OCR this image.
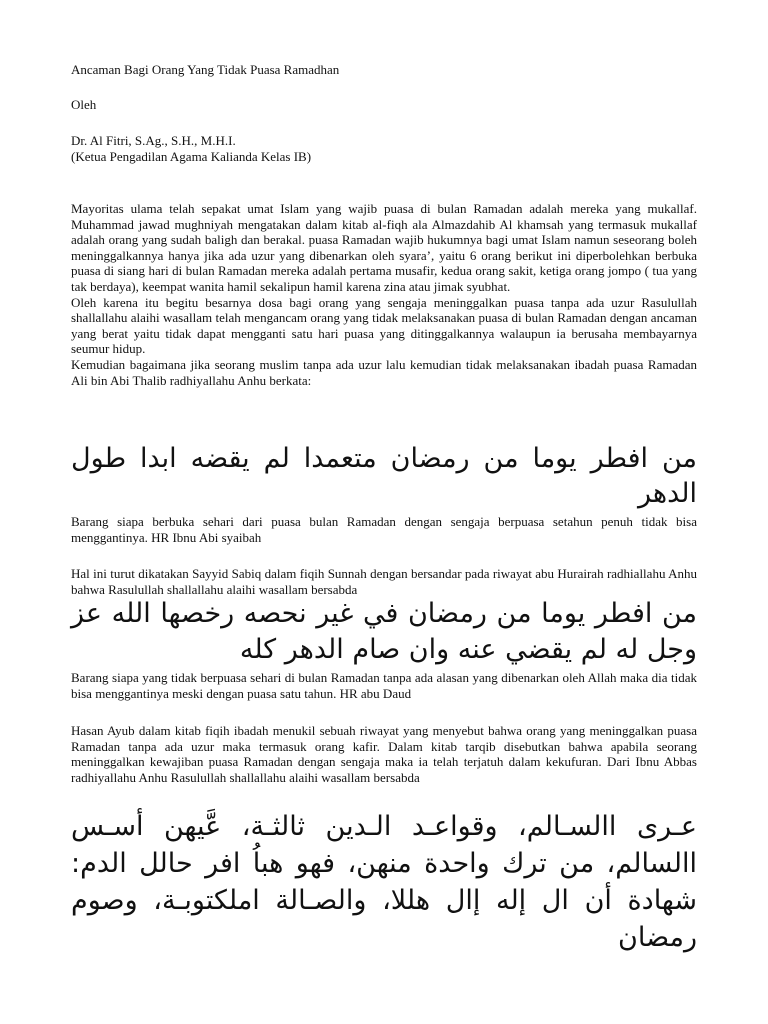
Ancaman Bagi Orang Yang Tidak Puasa Ramadhan

Oleh

Dr. Al Fitri, S.Ag., S.H., M.H.I.

(Ketua Pengadilan Agama Kalianda Kelas IB)

Mayoritas ulama telah sepakat umat Islam yang wajib puasa di bulan Ramadan adalah mereka yang mukallaf. Muhammad jawad mughniyah mengatakan dalam kitab al-fiqh ala Almazdahib Al khamsah yang termasuk mukallaf adalah orang yang sudah baligh dan berakal. puasa Ramadan wajib hukumnya bagi umat Islam namun seseorang boleh meninggalkannya hanya jika ada uzur yang dibenarkan oleh syara’, yaitu 6 orang berikut ini diperbolehkan berbuka puasa di siang hari di bulan Ramadan mereka adalah pertama musafir, kedua orang sakit, ketiga orang jompo ( tua yang tak berdaya), keempat wanita hamil sekalipun hamil karena zina atau jimak syubhat.

Oleh karena itu begitu besarnya dosa bagi orang yang sengaja meninggalkan puasa tanpa ada uzur Rasulullah shallallahu alaihi wasallam telah mengancam orang yang tidak melaksanakan puasa di bulan Ramadan dengan ancaman yang berat yaitu tidak dapat mengganti satu hari puasa yang ditinggalkannya walaupun ia berusaha membayarnya seumur hidup.

Kemudian bagaimana jika seorang muslim tanpa ada uzur lalu kemudian tidak melaksanakan ibadah puasa Ramadan Ali bin Abi Thalib radhiyallahu Anhu berkata:

من افطر يوما من رمضان متعمدا لم يقضه ابدا طول الدهر

Barang siapa berbuka sehari dari puasa bulan Ramadan dengan sengaja berpuasa setahun penuh tidak bisa menggantinya. HR Ibnu Abi syaibah

Hal ini turut dikatakan Sayyid Sabiq dalam fiqih Sunnah dengan bersandar pada riwayat abu Hurairah radhiallahu Anhu bahwa Rasulullah shallallahu alaihi wasallam bersabda

من افطر يوما من رمضان في غير نحصه رخصها الله عز وجل له لم يقضي عنه وان صام الدهر كله

Barang siapa yang tidak berpuasa sehari di bulan Ramadan tanpa ada alasan yang dibenarkan oleh Allah maka dia tidak bisa menggantinya meski dengan puasa satu tahun. HR abu Daud

Hasan Ayub dalam kitab fiqih ibadah menukil sebuah riwayat yang menyebut bahwa orang yang meninggalkan puasa Ramadan tanpa ada uzur maka termasuk orang kafir. Dalam kitab tarqib disebutkan bahwa apabila seorang meninggalkan kewajiban puasa Ramadan dengan sengaja maka ia telah terjatuh dalam kekufuran. Dari Ibnu Abbas radhiyallahu Anhu Rasulullah shallallahu alaihi wasallam bersabda

عـرى االسـالم، وقواعـد الـدين ثالثـة، عَّيهن أسـس االسالم، من ترك واحدة منهن، فهو هباُ افر حالل الدم: شهادة أن ال إله إال هللا، والصـالة املكتوبـة، وصوم رمضان
